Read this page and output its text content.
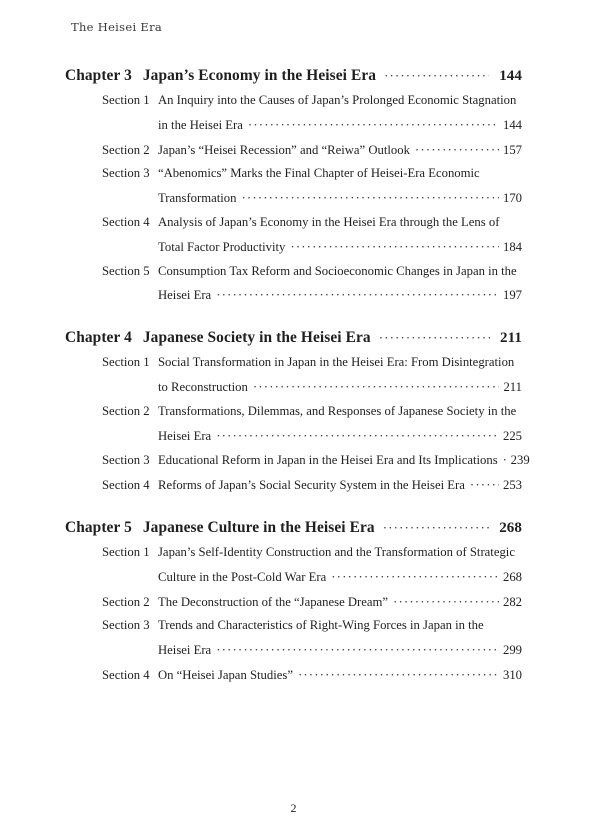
The Heisei Era
Chapter 3 Japan’s Economy in the Heisei Era ·····	144
Section 1 An Inquiry into the Causes of Japan’s Prolonged Economic Stagnation
in the Heisei Era ·····	144
Section 2 Japan’s “Heisei Recession” and “Reiwa” Outlook ·····	157
Section 3 “Abenomics” Marks the Final Chapter of Heisei-Era Economic
Transformation ·····	170
Section 4 Analysis of Japan’s Economy in the Heisei Era through the Lens of
Total Factor Productivity ·····	184
Section 5 Consumption Tax Reform and Socioeconomic Changes in Japan in the
Heisei Era ·····	197
Chapter 4 Japanese Society in the Heisei Era ·····	211
Section 1 Social Transformation in Japan in the Heisei Era: From Disintegration
to Reconstruction ·····	211
Section 2 Transformations, Dilemmas, and Responses of Japanese Society in the
Heisei Era ·····	225
Section 3 Educational Reform in Japan in the Heisei Era and Its Implications ····· 239
Section 4 Reforms of Japan’s Social Security System in the Heisei Era ·····	253
Chapter 5 Japanese Culture in the Heisei Era ·····	268
Section 1 Japan’s Self-Identity Construction and the Transformation of Strategic
Culture in the Post-Cold War Era ·····	268
Section 2 The Deconstruction of the “Japanese Dream” ·····	282
Section 3 Trends and Characteristics of Right-Wing Forces in Japan in the
Heisei Era ·····	299
Section 4 On “Heisei Japan Studies” ·····	310
2
